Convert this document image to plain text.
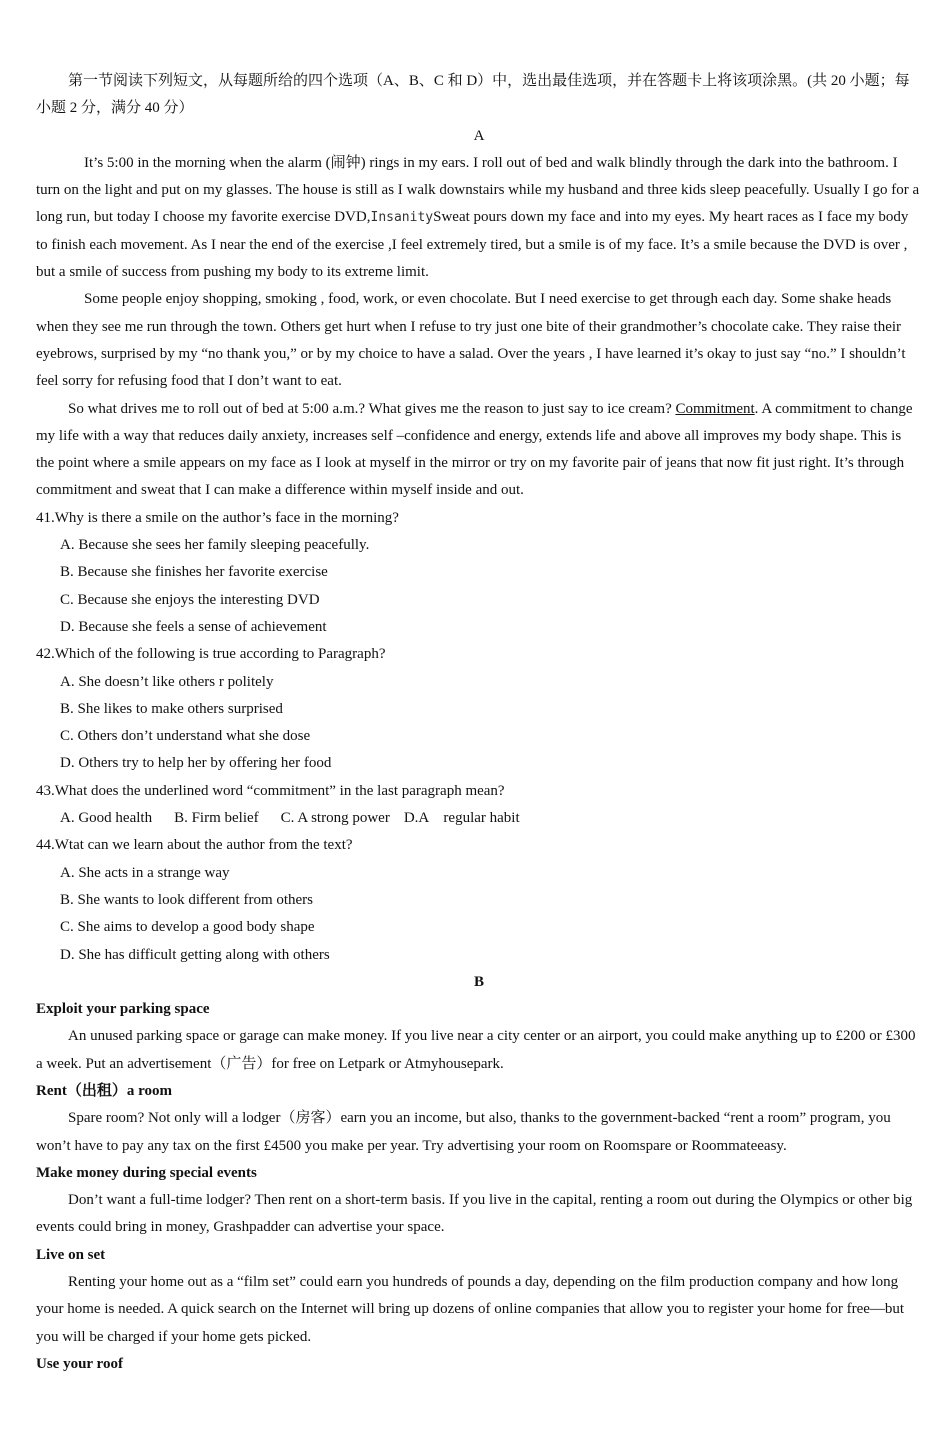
第一节阅读下列短文，从每题所给的四个选项（A、B、C 和 D）中，选出最佳选项，并在答题卡上将该项涂黑。(共 20 小题；每小题 2 分，满分 40 分）

A

It’s 5:00 in the morning when the alarm (闹钟) rings in my ears. I roll out of bed and walk blindly through the dark into the bathroom. I turn on the light and put on my glasses. The house is still as I walk downstairs while my husband and three kids sleep peacefully. Usually I go for a long run, but today I choose my favorite exercise DVD,InsanitySweat pours down my face and into my eyes. My heart races as I face my body to finish each movement. As I near the end of the exercise ,I feel extremely tired, but a smile is of my face. It’s a smile because the DVD is over , but a smile of success from pushing my body to its extreme limit.

Some people enjoy shopping, smoking , food, work, or even chocolate. But I need exercise to get through each day. Some shake heads when they see me run through the town. Others get hurt when I refuse to try just one bite of their grandmother’s chocolate cake. They raise their eyebrows, surprised by my “no thank you,” or by my choice to have a salad. Over the years , I have learned it’s okay to just say “no.” I shouldn’t feel sorry for refusing food that I don’t want to eat.

So what drives me to roll out of bed at 5:00 a.m.? What gives me the reason to just say to ice cream? Commitment. A commitment to change my life with a way that reduces daily anxiety, increases self –confidence and energy, extends life and above all improves my body shape. This is the point where a smile appears on my face as I look at myself in the mirror or try on my favorite pair of jeans that now fit just right. It’s through commitment and sweat that I can make a difference within myself inside and out.

41.Why is there a smile on the author’s face in the morning?

A. Because she sees her family sleeping peacefully.

B. Because she finishes her favorite exercise

C. Because she enjoys the interesting DVD

D. Because she feels a sense of achievement

42.Which of the following is true according to Paragraph?

A. She doesn’t like others r politely

B. She likes to make others surprised

C. Others don’t understand what she dose

D. Others try to help her by offering her food

43.What does the underlined word “commitment” in the last paragraph mean?

A. Good health B. Firm belief C. A strong power D.A    regular habit

44.Wtat can we learn about the author from the text?

A. She acts in a strange way

B. She wants to look different from others

C. She aims to develop a good body shape

D. She has difficult getting along with others

B

Exploit your parking space

An unused parking space or garage can make money. If you live near a city center or an airport, you could make anything up to £200 or £300 a week. Put an advertisement（广告）for free on Letpark or Atmyhousepark.

Rent（出租）a room

Spare room? Not only will a lodger（房客）earn you an income, but also, thanks to the government-backed “rent a room” program, you won’t have to pay any tax on the first £4500 you make per year. Try advertising your room on Roomspare or Roommateeasy.

Make money during special events

Don’t want a full-time lodger? Then rent on a short-term basis. If you live in the capital, renting a room out during the Olympics or other big events could bring in money, Grashpadder can advertise your space.

Live on set

Renting your home out as a “film set” could earn you hundreds of pounds a day, depending on the film production company and how long your home is needed. A quick search on the Internet will bring up dozens of online companies that allow you to register your home for free—but you will be charged if your home gets picked.

Use your roof
